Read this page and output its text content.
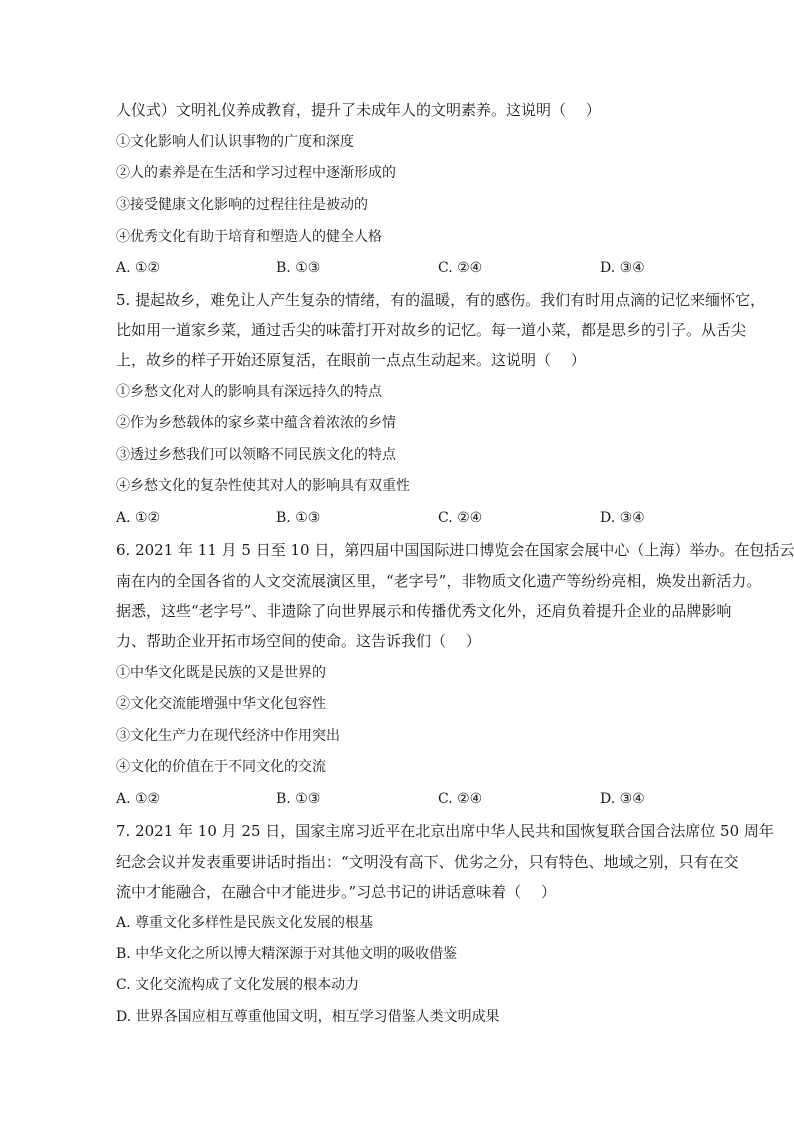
人仪式）文明礼仪养成教育，提升了未成年人的文明素养。这说明（　 ）
①文化影响人们认识事物的广度和深度
②人的素养是在生活和学习过程中逐渐形成的
③接受健康文化影响的过程往往是被动的
④优秀文化有助于培育和塑造人的健全人格
A. ①②	B. ①③	C. ②④	D. ③④
5. 提起故乡，难免让人产生复杂的情绪，有的温暖，有的感伤。我们有时用点滴的记忆来缅怀它，
比如用一道家乡菜，通过舌尖的味蕾打开对故乡的记忆。每一道小菜，都是思乡的引子。从舌尖
上，故乡的样子开始还原复活，在眼前一点点生动起来。这说明（　 ）
①乡愁文化对人的影响具有深远持久的特点
②作为乡愁载体的家乡菜中蕴含着浓浓的乡情
③透过乡愁我们可以领略不同民族文化的特点
④乡愁文化的复杂性使其对人的影响具有双重性
A. ①②	B. ①③	C. ②④	D. ③④
6. 2021 年 11 月 5 日至 10 日，第四届中国国际进口博览会在国家会展中心（上海）举办。在包括云
南在内的全国各省的人文交流展演区里，“老字号”，非物质文化遗产等纷纷亮相，焕发出新活力。
据悉，这些“老字号”、非遗除了向世界展示和传播优秀文化外，还肩负着提升企业的品牌影响
力、帮助企业开拓市场空间的使命。这告诉我们（　 ）
①中华文化既是民族的又是世界的
②文化交流能增强中华文化包容性
③文化生产力在现代经济中作用突出
④文化的价值在于不同文化的交流
A. ①②	B. ①③	C. ②④	D. ③④
7. 2021 年 10 月 25 日，国家主席习近平在北京出席中华人民共和国恢复联合国合法席位 50 周年
纪念会议并发表重要讲话时指出：“文明没有高下、优劣之分，只有特色、地域之别，只有在交
流中才能融合，在融合中才能进步。”习总书记的讲话意味着（　 ）
A. 尊重文化多样性是民族文化发展的根基
B. 中华文化之所以博大精深源于对其他文明的吸收借鉴
C. 文化交流构成了文化发展的根本动力
D. 世界各国应相互尊重他国文明，相互学习借鉴人类文明成果
